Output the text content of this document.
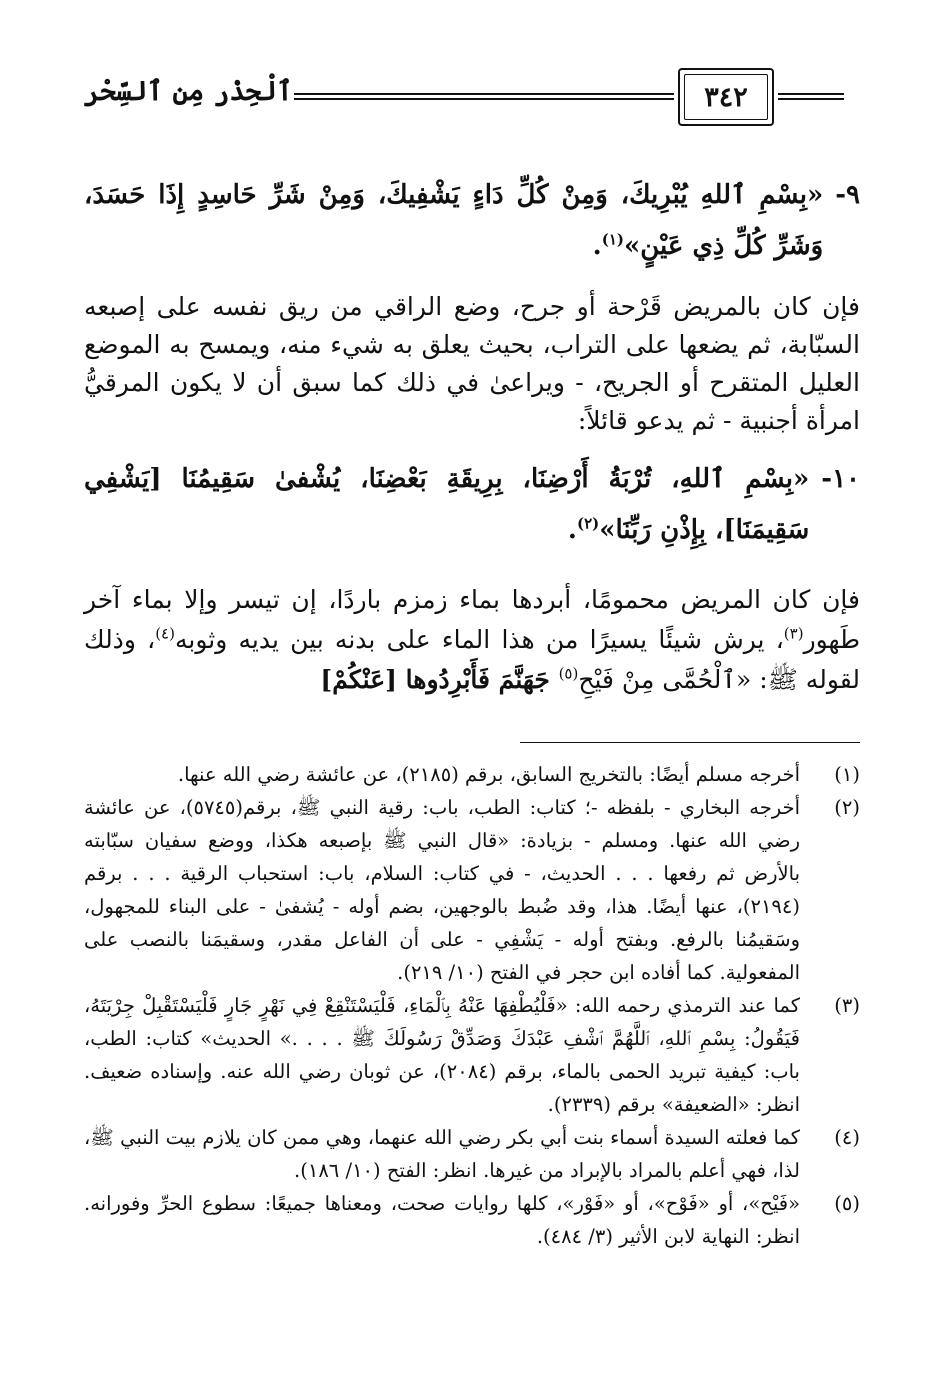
٣٤٢
ٱلْحِذْر مِن ٱلسِّحْر
٩-
«بِسْمِ ٱللهِ يُبْرِيكَ، وَمِنْ كُلِّ دَاءٍ يَشْفِيكَ، وَمِنْ شَرِّ حَاسِدٍ إِذَا حَسَدَ، وَشَرِّ كُلِّ ذِي عَيْنٍ»$^{(١)}$.

فإن كان بالمريض قَرْحة أو جرح، وضع الراقي من ريق نفسه على إصبعه السبّابة، ثم يضعها على التراب، بحيث يعلق به شيء منه، ويمسح به الموضع العليل المتقرح أو الجريح، - ويراعىٰ في ذلك كما سبق أن لا يكون المرقيُّ امرأة أجنبية - ثم يدعو قائلاً:

١٠-
«بِسْمِ ٱللهِ، تُرْبَةُ أَرْضِنَا، بِرِيقَةِ بَعْضِنَا، يُشْفىٰ سَقِيمُنَا [يَشْفِي سَقِيمَنَا]، بِإِذْنِ رَبِّنَا»$^{(٢)}$.

فإن كان المريض محمومًا، أبردها بماء زمزم باردًا، إن تيسر وإلا بماء آخر طَهور$^{(٣)}$، يرش شيئًا يسيرًا من هذا الماء على بدنه بين يديه وثوبه$^{(٤)}$، وذلك لقوله ﷺ: «ٱلْحُمَّى مِنْ فَيْحِ$^{(٥)}$ جَهَنَّمَ فَأَبْرِدُوها [عَنْكُمْ]

(١)
أخرجه مسلم أيضًا: بالتخريج السابق، برقم (٢١٨٥)، عن عائشة رضي الله عنها.
(٢)
أخرجه البخاري - بلفظه -؛ كتاب: الطب، باب: رقية النبي ﷺ، برقم(٥٧٤٥)، عن عائشة رضي الله عنها. ومسلم - بزيادة: «قال النبي ﷺ بإصبعه هكذا، ووضع سفيان سبّابته بالأرض ثم رفعها . . . الحديث، - في كتاب: السلام، باب: استحباب الرقية . . . برقم (٢١٩٤)، عنها أيضًا. هذا، وقد ضُبط بالوجهين، بضم أوله - يُشفىٰ - على البناء للمجهول، وسَقيمُنا بالرفع. وبفتح أوله - يَشْفِي - على أن الفاعل مقدر، وسقيمَنا بالنصب على المفعولية. كما أفاده ابن حجر في الفتح (١٠/ ٢١٩).
(٣)
كما عند الترمذي رحمه الله: «فَلْيُطْفِهَا عَنْهُ بِٱلْمَاءِ، فَلْيَسْتَنْقِعْ فِي نَهْرٍ جَارٍ فَلْيَسْتَقْبِلْ جِرْيَتَهُ، فَيَقُولُ: بِسْمِ ٱللهِ، ٱللَّهُمَّ ٱشْفِ عَبْدَكَ وَصَدِّقْ رَسُولَكَ ﷺ . . . .» الحديث» كتاب: الطب، باب: كيفية تبريد الحمى بالماء، برقم (٢٠٨٤)، عن ثوبان رضي الله عنه. وإسناده ضعيف. انظر: «الضعيفة» برقم (٢٣٣٩).
(٤)
كما فعلته السيدة أسماء بنت أبي بكر رضي الله عنهما، وهي ممن كان يلازم بيت النبي ﷺ، لذا، فهي أعلم بالمراد بالإبراد من غيرها. انظر: الفتح (١٠/ ١٨٦).
(٥)
«فَيْح»، أو «فَوْح»، أو «فَوْر»، كلها روايات صحت، ومعناها جميعًا: سطوع الحرِّ وفورانه. انظر: النهاية لابن الأثير (٣/ ٤٨٤).
